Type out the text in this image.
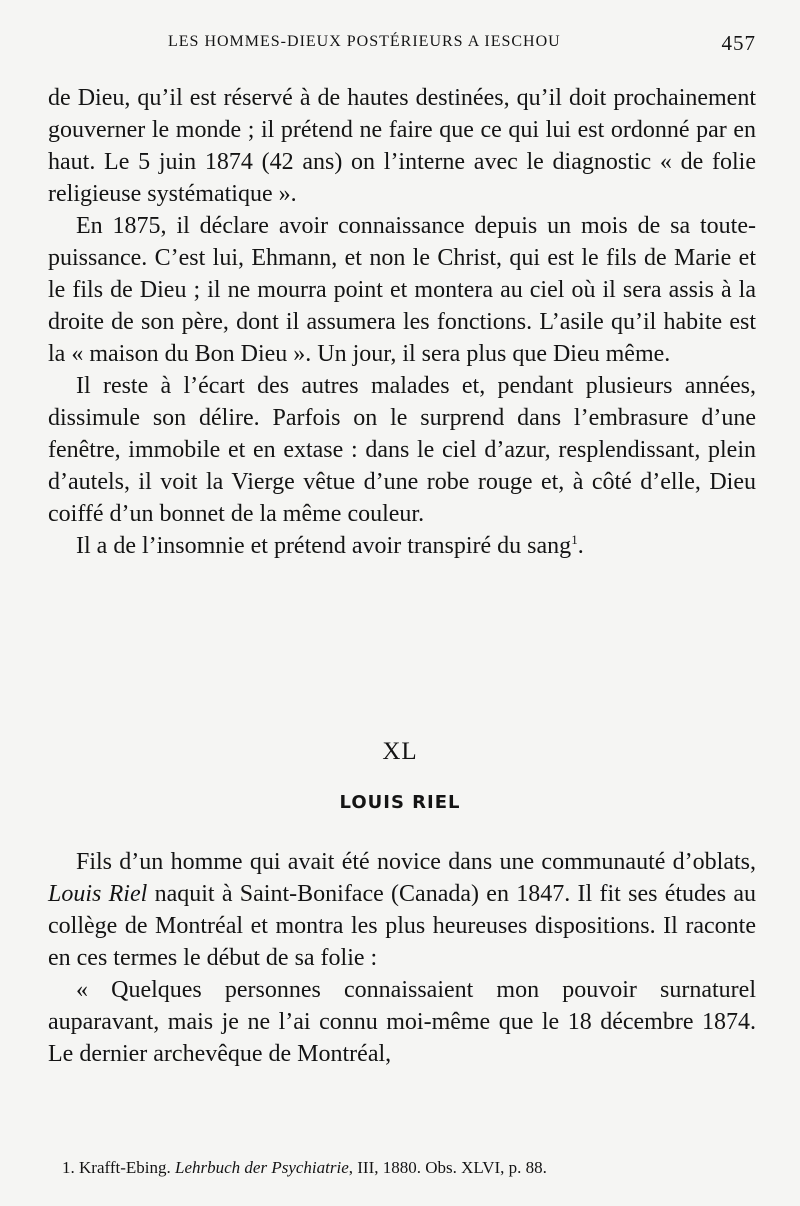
LES HOMMES-DIEUX POSTÉRIEURS A IESCHOU	457

de Dieu, qu’il est réservé à de hautes destinées, qu’il doit prochainement gouverner le monde ; il prétend ne faire que ce qui lui est ordonné par en haut. Le 5 juin 1874 (42 ans) on l’interne avec le diagnostic « de folie religieuse systématique ».

En 1875, il déclare avoir connaissance depuis un mois de sa toute-puissance. C’est lui, Ehmann, et non le Christ, qui est le fils de Marie et le fils de Dieu ; il ne mourra point et montera au ciel où il sera assis à la droite de son père, dont il assumera les fonctions. L’asile qu’il habite est la « maison du Bon Dieu ». Un jour, il sera plus que Dieu même.

Il reste à l’écart des autres malades et, pendant plusieurs années, dissimule son délire. Parfois on le surprend dans l’embrasure d’une fenêtre, immobile et en extase : dans le ciel d’azur, resplendissant, plein d’autels, il voit la Vierge vêtue d’une robe rouge et, à côté d’elle, Dieu coiffé d’un bonnet de la même couleur.

Il a de l’insomnie et prétend avoir transpiré du sang$^1$.

XL
LOUIS RIEL

Fils d’un homme qui avait été novice dans une communauté d’oblats, Louis Riel naquit à Saint-Boniface (Canada) en 1847. Il fit ses études au collège de Montréal et montra les plus heureuses dispositions. Il raconte en ces termes le début de sa folie :

« Quelques personnes connaissaient mon pouvoir surnaturel auparavant, mais je ne l’ai connu moi-même que le 18 décembre 1874. Le dernier archevêque de Montréal,

1. Krafft-Ebing. Lehrbuch der Psychiatrie, III, 1880. Obs. XLVI, p. 88.
